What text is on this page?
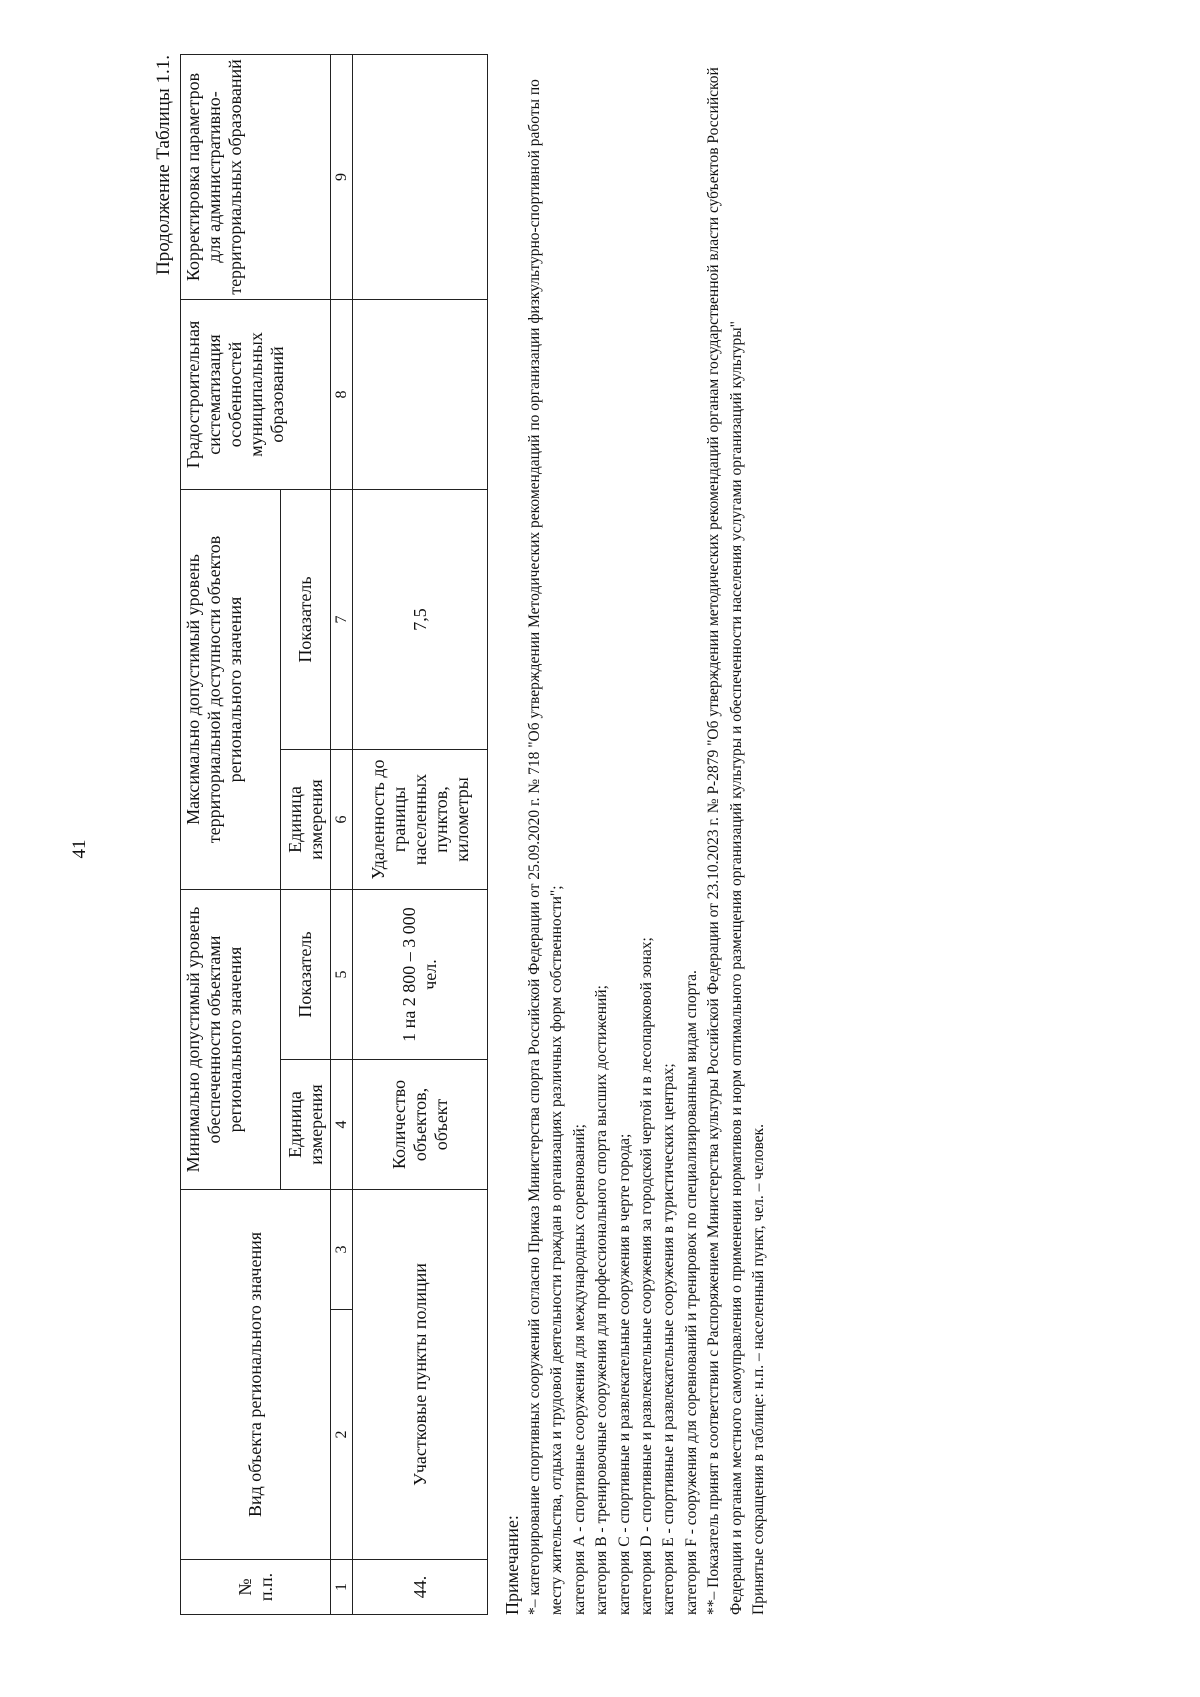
41
Продолжение Таблицы 1.1.
№ п.п.	Вид объекта регионального значения		Минимально допустимый уровень обеспеченности объектами регионального значения		Максимально допустимый уровень территориальной доступности объектов регионального значения		Градостроительная систематизация особенностей муниципальных образований	Корректировка параметров для административно-территориальных образований
			Единица измерения	Показатель	Единица измерения	Показатель		
1	2	3	4	5	6	7	8	9
44.	Участковые пункты полиции		Количество объектов, объект	1 на 2 800 – 3 000 чел.	Удаленность до границы населенных пунктов, километры	7,5		

Примечание: *– категорирование спортивных сооружений согласно Приказ Министерства спорта Российской Федерации от 25.09.2020 г. № 718 "Об утверждении Методических рекомендаций по организации физкультурно-спортивной работы по месту жительства, отдыха и трудовой деятельности граждан в организациях различных форм собственности"; категория А - спортивные сооружения для международных соревнований; категория В - тренировочные сооружения для профессионального спорта высших достижений; категория С - спортивные и развлекательные сооружения в черте города; категория D - спортивные и развлекательные сооружения за городской чертой и в лесопарковой зонах; категория Е - спортивные и развлекательные сооружения в туристических центрах; категория F - сооружения для соревнований и тренировок по специализированным видам спорта. **– Показатель принят в соответствии с Распоряжением Министерства культуры Российской Федерации от 23.10.2023 г. № Р-2879 "Об утверждении методических рекомендаций органам государственной власти субъектов Российской Федерации и органам местного самоуправления о применении нормативов и норм оптимального размещения организаций культуры и обеспеченности населения услугами организаций культуры" Принятые сокращения в таблице: н.п. – населенный пункт, чел. – человек.
